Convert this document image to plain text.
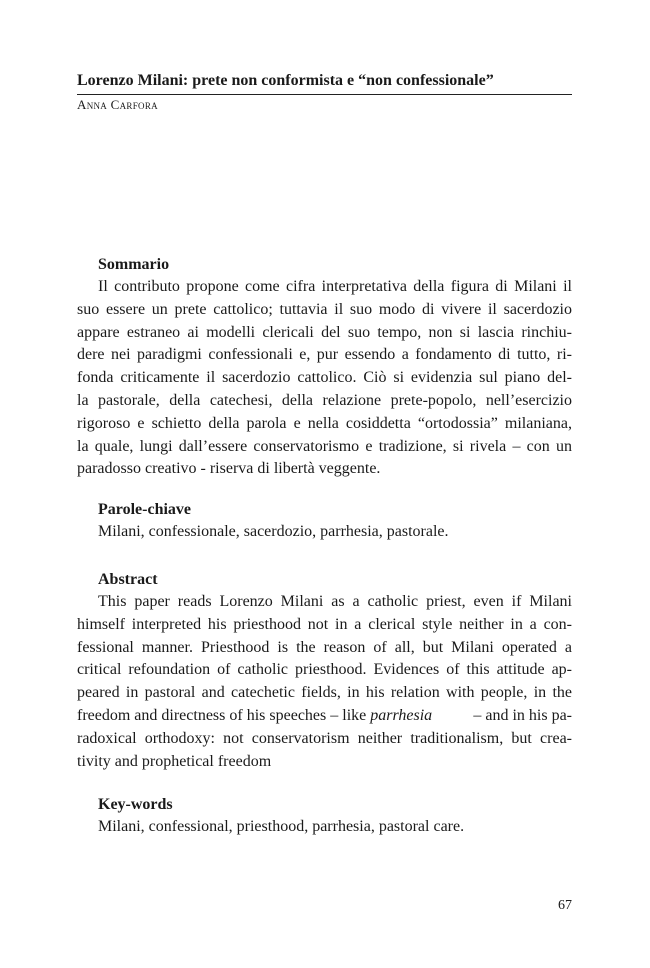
Lorenzo Milani: prete non conformista e “non confessionale”
Anna Carfora
Sommario
Il contributo propone come cifra interpretativa della figura di Milani il
suo essere un prete cattolico; tuttavia il suo modo di vivere il sacerdozio
appare estraneo ai modelli clericali del suo tempo, non si lascia rinchiu-
dere nei paradigmi confessionali e, pur essendo a fondamento di tutto, ri-
fonda criticamente il sacerdozio cattolico. Ciò si evidenzia sul piano del-
la pastorale, della catechesi, della relazione prete-popolo, nell’esercizio
rigoroso e schietto della parola e nella cosiddetta “ortodossia” milaniana,
la quale, lungi dall’essere conservatorismo e tradizione, si rivela – con un
paradosso creativo - riserva di libertà veggente.
Parole-chiave
Milani, confessionale, sacerdozio, parrhesia, pastorale.
Abstract
This paper reads Lorenzo Milani as a catholic priest, even if Milani
himself interpreted his priesthood not in a clerical style neither in a con-
fessional manner. Priesthood is the reason of all, but Milani operated a
critical refoundation of catholic priesthood. Evidences of this attitude ap-
peared in pastoral and catechetic fields, in his relation with people, in the
freedom and directness of his speeches – like parrhesia	– and in his pa-
radoxical orthodoxy: not conservatorism neither traditionalism, but crea-
tivity and prophetical freedom
Key-words
Milani, confessional, priesthood, parrhesia, pastoral care.
67
